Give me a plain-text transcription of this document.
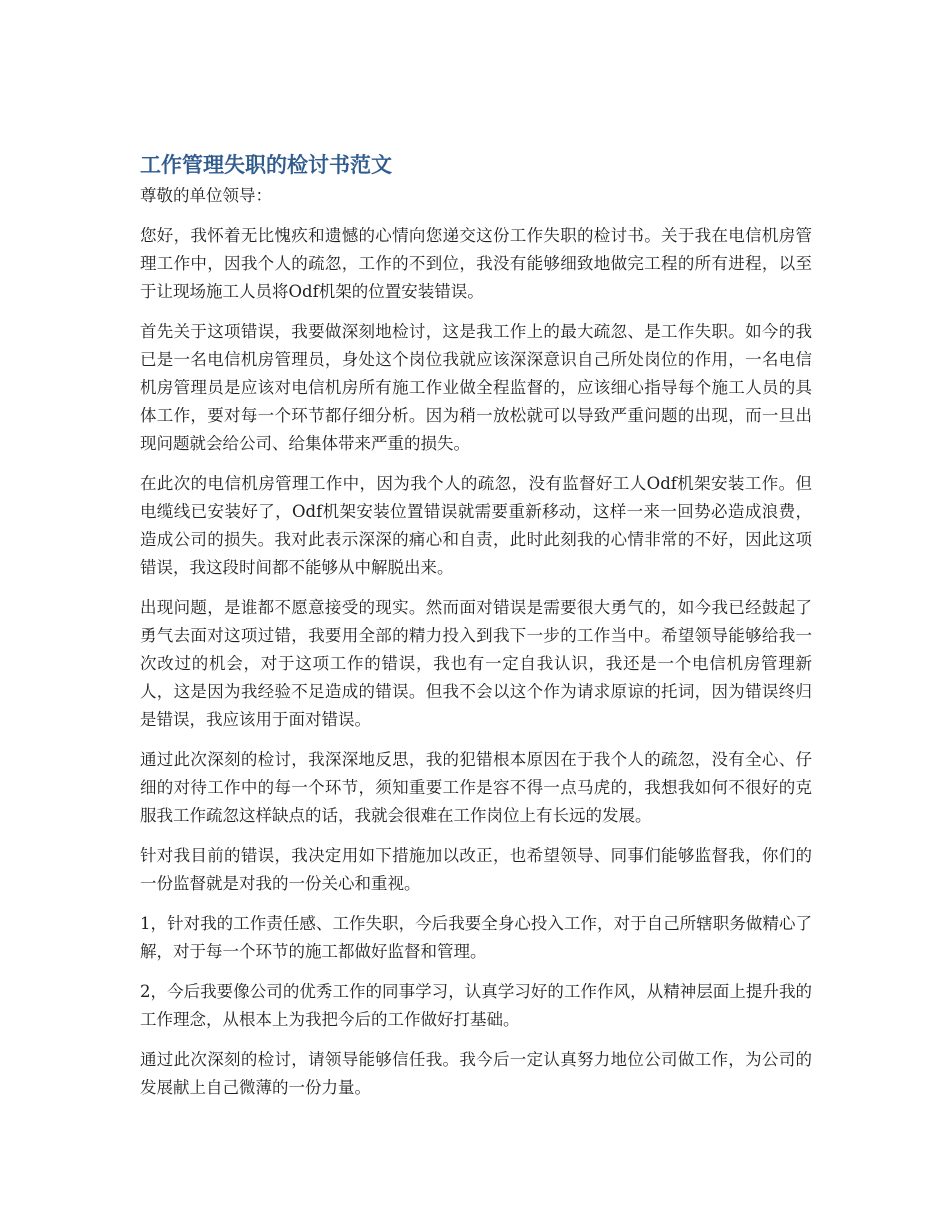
工作管理失职的检讨书范文

尊敬的单位领导：

您好，我怀着无比愧疚和遗憾的心情向您递交这份工作失职的检讨书。关于我在电信机房管理工作中，因我个人的疏忽，工作的不到位，我没有能够细致地做完工程的所有进程，以至于让现场施工人员将Odf机架的位置安装错误。

首先关于这项错误，我要做深刻地检讨，这是我工作上的最大疏忽、是工作失职。如今的我已是一名电信机房管理员，身处这个岗位我就应该深深意识自己所处岗位的作用，一名电信机房管理员是应该对电信机房所有施工作业做全程监督的，应该细心指导每个施工人员的具体工作，要对每一个环节都仔细分析。因为稍一放松就可以导致严重问题的出现，而一旦出现问题就会给公司、给集体带来严重的损失。

在此次的电信机房管理工作中，因为我个人的疏忽，没有监督好工人Odf机架安装工作。但电缆线已安装好了，Odf机架安装位置错误就需要重新移动，这样一来一回势必造成浪费，造成公司的损失。我对此表示深深的痛心和自责，此时此刻我的心情非常的不好，因此这项错误，我这段时间都不能够从中解脱出来。

出现问题，是谁都不愿意接受的现实。然而面对错误是需要很大勇气的，如今我已经鼓起了勇气去面对这项过错，我要用全部的精力投入到我下一步的工作当中。希望领导能够给我一次改过的机会，对于这项工作的错误，我也有一定自我认识，我还是一个电信机房管理新人，这是因为我经验不足造成的错误。但我不会以这个作为请求原谅的托词，因为错误终归是错误，我应该用于面对错误。

通过此次深刻的检讨，我深深地反思，我的犯错根本原因在于我个人的疏忽，没有全心、仔细的对待工作中的每一个环节，须知重要工作是容不得一点马虎的，我想我如何不很好的克服我工作疏忽这样缺点的话，我就会很难在工作岗位上有长远的发展。

针对我目前的错误，我决定用如下措施加以改正，也希望领导、同事们能够监督我，你们的一份监督就是对我的一份关心和重视。

1，针对我的工作责任感、工作失职，今后我要全身心投入工作，对于自己所辖职务做精心了解，对于每一个环节的施工都做好监督和管理。

2，今后我要像公司的优秀工作的同事学习，认真学习好的工作作风，从精神层面上提升我的工作理念，从根本上为我把今后的工作做好打基础。

通过此次深刻的检讨，请领导能够信任我。我今后一定认真努力地位公司做工作，为公司的发展献上自己微薄的一份力量。
